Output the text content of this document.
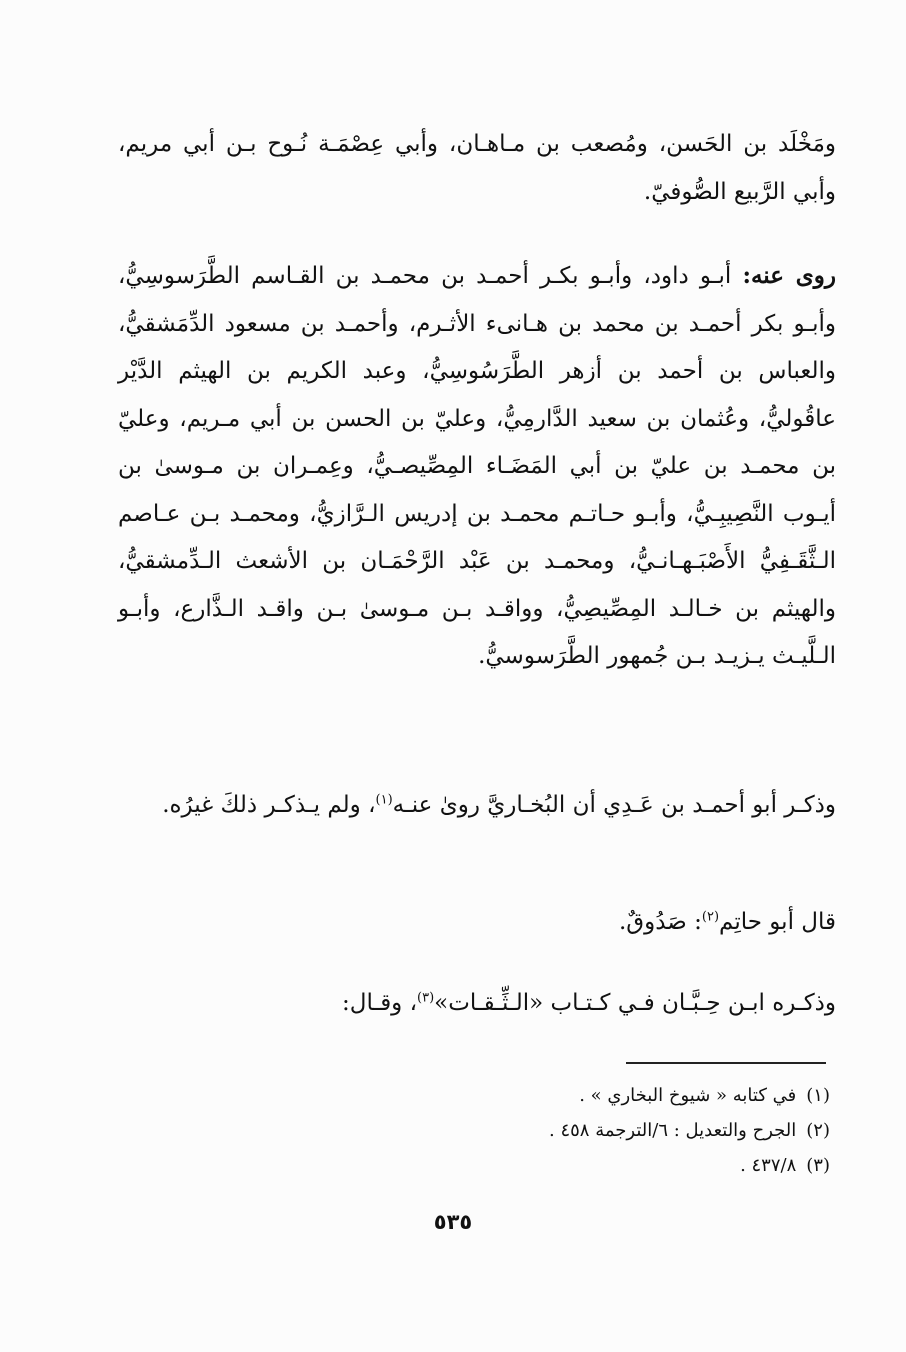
ومَخْلَد بن الحَسن، ومُصعب بن مـاهـان، وأبي عِصْمَـة نُـوح بـن أبي مريم، وأبي الرَّبيع الصُّوفيّ.

روى عنه: أبـو داود، وأبـو بكـر أحمـد بن محمـد بن القـاسم الطَّرَسوسِيُّ، وأبـو بكر أحمـد بن محمد بن هـانىء الأثـرم، وأحمـد بن مسعود الدِّمَشقيُّ، والعباس بن أحمد بن أزهر الطَّرَسُوسِيُّ، وعبد الكريم بن الهيثم الدَّيْر عاقُوليُّ، وعُثمان بن سعيد الدَّارمِيُّ، وعليّ بن الحسن بن أبي مـريم، وعليّ بن محمـد بن عليّ بن أبي المَضَـاء المِصِّيصـيُّ، وعِمـران بن مـوسىٰ بن أيـوب النَّصِيبِـيُّ، وأبـو حـاتـم محمـد بن إدريس الـرَّازيُّ، ومحمـد بـن عـاصم الـثَّقَـفِيُّ الأَصْبَـهـانـيُّ، ومحمـد بن عَبْد الرَّحْمَـان بن الأشعث الـدِّمشقيُّ، والهيثم بن خـالـد المِصِّيصِيُّ، وواقـد بـن مـوسىٰ بـن واقـد الـذَّارع، وأبـو الـلَّيـث يـزيـد بـن جُمهور الطَّرَسوسيُّ.

وذكـر أبو أحمـد بن عَـدِي أن البُخـاريَّ روىٰ عنـه$^{(١)}$، ولم يـذكـر ذلكَ غيرُه.

قال أبو حاتِم$^{(٢)}$: صَدُوقٌ.

وذكـره ابـن حِـبَّـان فـي كـتـاب «الـثِّـقـات»$^{(٣)}$، وقـال:

(١)في كتابه « شيوخ البخاري » .
(٢)الجرح والتعديل : ٦/الترجمة ٤٥٨ .
(٣)٤٣٧/٨ .
٥٣٥
